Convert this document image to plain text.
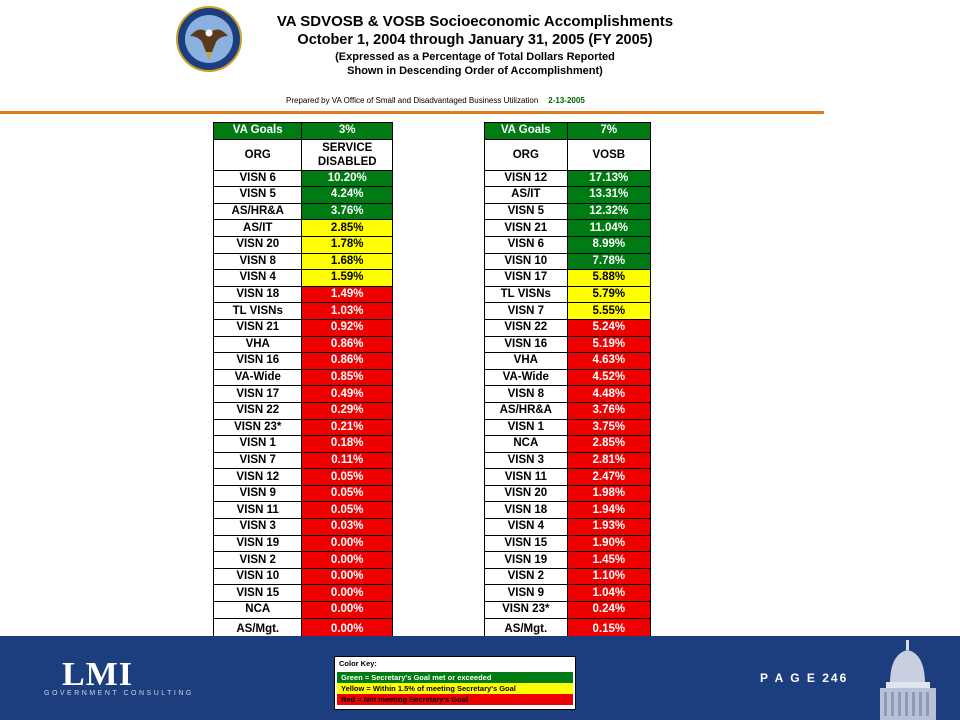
VA SDVOSB & VOSB Socioeconomic Accomplishments
October 1, 2004 through January 31, 2005 (FY 2005)
(Expressed as a Percentage of Total Dollars Reported
Shown in Descending Order of Accomplishment)
Prepared by VA Office of Small and Disadvantaged Business Utilization 2-13-2005
VA Goals	3%
ORG	SERVICE
DISABLED
VISN 6	10.20%
VISN 5	4.24%
AS/HR&A	3.76%
AS/IT	2.85%
VISN 20	1.78%
VISN 8	1.68%
VISN 4	1.59%
VISN 18	1.49%
TL VISNs	1.03%
VISN 21	0.92%
VHA	0.86%
VISN 16	0.86%
VA-Wide	0.85%
VISN 17	0.49%
VISN 22	0.29%
VISN 23*	0.21%
VISN 1	0.18%
VISN 7	0.11%
VISN 12	0.05%
VISN 9	0.05%
VISN 11	0.05%
VISN 3	0.03%
VISN 19	0.00%
VISN 2	0.00%
VISN 10	0.00%
VISN 15	0.00%
NCA	0.00%
AS/Mgt.	0.00%
VA Goals	7%
ORG	VOSB
VISN 12	17.13%
AS/IT	13.31%
VISN 5	12.32%
VISN 21	11.04%
VISN 6	8.99%
VISN 10	7.78%
VISN 17	5.88%
TL VISNs	5.79%
VISN 7	5.55%
VISN 22	5.24%
VISN 16	5.19%
VHA	4.63%
VA-Wide	4.52%
VISN 8	4.48%
AS/HR&A	3.76%
VISN 1	3.75%
NCA	2.85%
VISN 3	2.81%
VISN 11	2.47%
VISN 20	1.98%
VISN 18	1.94%
VISN 4	1.93%
VISN 15	1.90%
VISN 19	1.45%
VISN 2	1.10%
VISN 9	1.04%
VISN 23*	0.24%
AS/Mgt.	0.15%
LMI
GOVERNMENT CONSULTING
Color Key:
Green = Secretary's Goal met or exceeded
Yellow = Within 1.5% of meeting Secretary's Goal
Red = Not meeting Secretary's Goal
P A G E 246
